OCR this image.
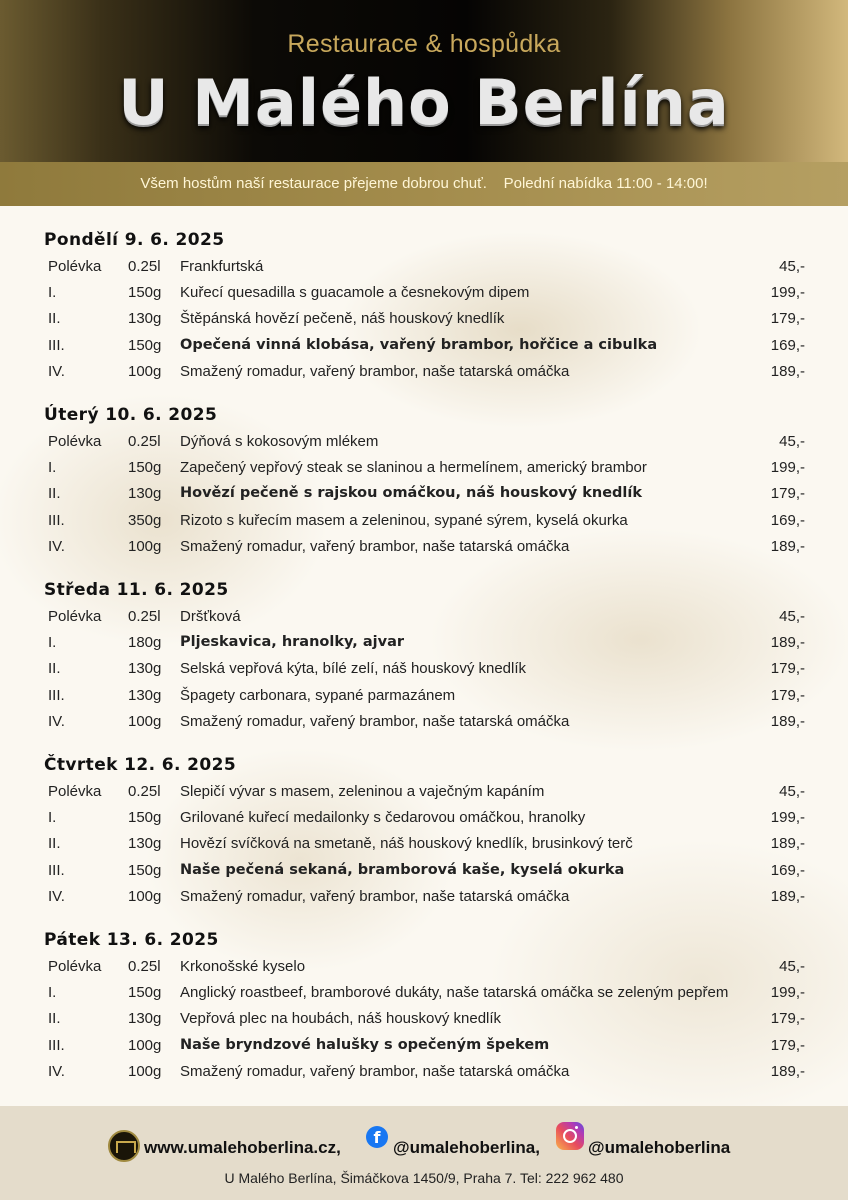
Restaurace & hospůdka
U Malého Berlína
Všem hostům naší restaurace přejeme dobrou chuť.    Polední nabídka 11:00 - 14:00!
Pondělí 9. 6. 2025
Polévka 0.25l Frankfurtská	45,-
I.	150g Kuřecí quesadilla s guacamole a česnekovým dipem	199,-
II.	130g Štěpánská hovězí pečeně, náš houskový knedlík	179,-
III.	150g Opečená vinná klobása, vařený brambor, hořčice a cibulka	169,-
IV.	100g Smažený romadur, vařený brambor, naše tatarská omáčka	189,-
Úterý 10. 6. 2025
Polévka 0.25l Dýňová s kokosovým mlékem	45,-
I.	150g Zapečený vepřový steak se slaninou a hermelínem, americký brambor	199,-
II.	130g Hovězí pečeně s rajskou omáčkou, náš houskový knedlík	179,-
III.	350g Rizoto s kuřecím masem a zeleninou, sypané sýrem, kyselá okurka	169,-
IV.	100g Smažený romadur, vařený brambor, naše tatarská omáčka	189,-
Středa 11. 6. 2025
Polévka 0.25l Dršťková	45,-
I.	180g Pljeskavica, hranolky, ajvar	189,-
II.	130g Selská vepřová kýta, bílé zelí, náš houskový knedlík	179,-
III.	130g Špagety carbonara, sypané parmazánem	179,-
IV.	100g Smažený romadur, vařený brambor, naše tatarská omáčka	189,-
Čtvrtek 12. 6. 2025
Polévka 0.25l Slepičí vývar s masem, zeleninou a vaječným kapáním	45,-
I.	150g Grilované kuřecí medailonky s čedarovou omáčkou, hranolky	199,-
II.	130g Hovězí svíčková na smetaně, náš houskový knedlík, brusinkový terč	189,-
III.	150g Naše pečená sekaná, bramborová kaše, kyselá okurka	169,-
IV.	100g Smažený romadur, vařený brambor, naše tatarská omáčka	189,-
Pátek 13. 6. 2025
Polévka 0.25l Krkonošské kyselo	45,-
I.	150g Anglický roastbeef, bramborové dukáty, naše tatarská omáčka se zeleným pepřem	199,-
II.	130g Vepřová plec na houbách, náš houskový knedlík	179,-
III.	100g Naše bryndzové halušky s opečeným špekem	179,-
IV.	100g Smažený romadur, vařený brambor, naše tatarská omáčka	189,-
www.umalehoberlina.cz,
f
@umalehoberlina,	@umalehoberlina
U Malého Berlína, Šimáčkova 1450/9, Praha 7. Tel: 222 962 480
